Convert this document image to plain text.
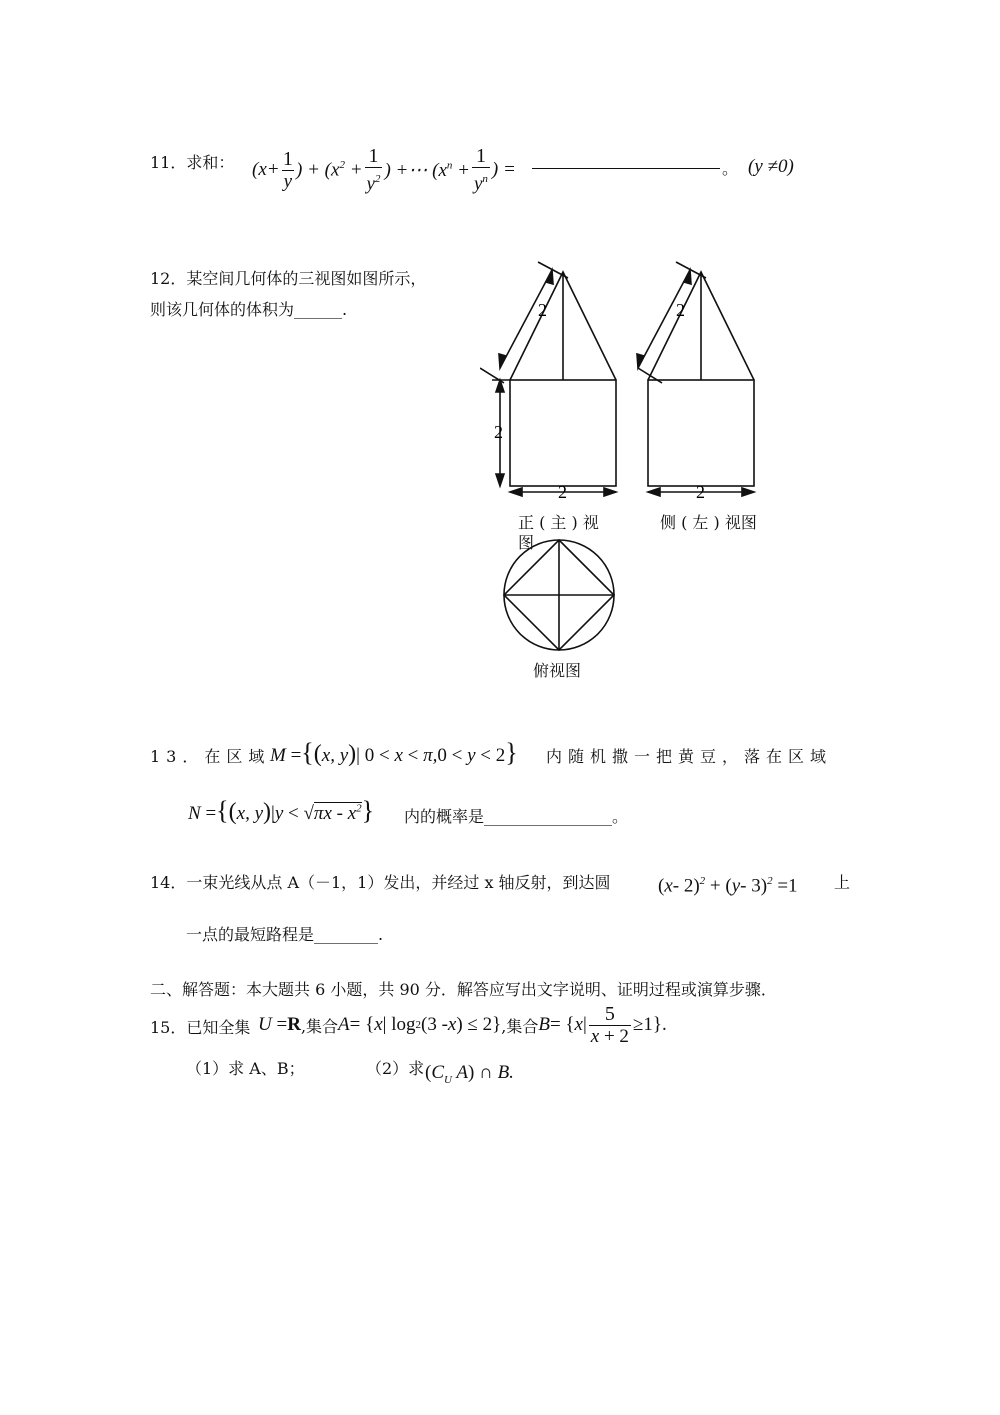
11．求和： ($x+ \frac{1}{y}$ ) + ($x^2 + \frac{1}{y^2}$ ) +⋯ ($x^n + \frac{1}{y^n}$ ) =	。 (y ≠0)
12．某空间几何体的三视图如图所示，
则该几何体的体积为______.	2	2
2
2	2
正 ( 主 ) 视
图
侧 ( 左 ) 视图
俯视图
13．在区域 M ={(x, y)| 0 < x < π,0 < y < 2} 内随机撒一把黄豆，落在区域
N ={(x, $y)|y < √\pi x - x^2$} 内的概率是________________。
14．一束光线从点 A（－1，1）发出，并经过 x 轴反射，到达圆 (x- 2)$^2$ + (y- 3)$^2$ =1 上
一点的最短路程是________.
二、解答题：本大题共 6 小题，共 90 分．解答应写出文字说明、证明过程或演算步骤．
15．已知全集 U
= R ,集合 A = { x | log 2 (3 - x ) ≤ 2} ,集合 B = { x | $\frac{5}{x + 2} \ge 1$}.
（1）求 A、B；	（2）求 ($C_U$ A) ∩ B.
